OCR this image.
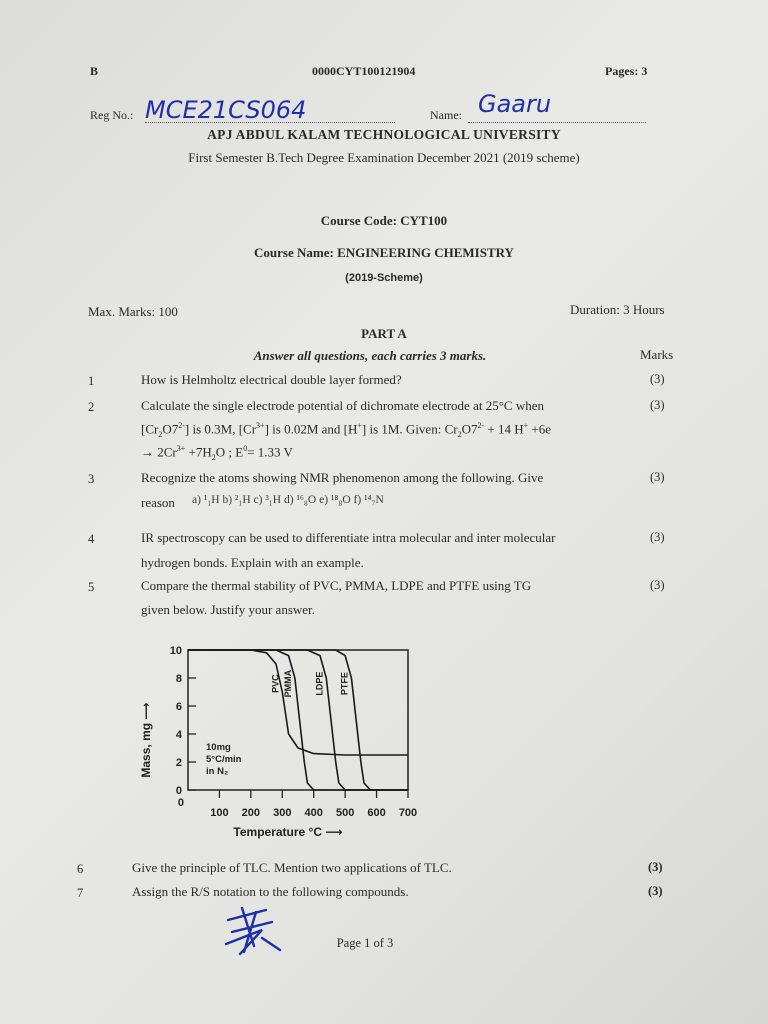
B	0000CYT100121904	Pages: 3
Reg No.: MCE21CS064	Name: Gaaru
APJ ABDUL KALAM TECHNOLOGICAL UNIVERSITY
First Semester B.Tech Degree Examination December 2021 (2019 scheme)
Course Code: CYT100
Course Name: ENGINEERING CHEMISTRY
(2019-Scheme)
Max. Marks: 100	Duration: 3 Hours
PART A
Answer all questions, each carries 3 marks.	Marks
1	How is Helmholtz electrical double layer formed?	(3)
2	Calculate the single electrode potential of dichromate electrode at 25°C when	(3)
$[Cr_2O7^{2-}]$ is 0.3M, $[Cr^{3+}]$ is 0.02M and [H+] is 1M. Given: $Cr_2O7^{2-} + 14$ H+ +6e
→ $2Cr^{3+} +7H_2O$ ; $E^0= 1.33$ V
3	Recognize the atoms showing NMR phenomenon among the following. Give	(3)
reason a) ¹₁H b) ²₁H c) ³₁H d) ¹⁶₈O e) ¹⁸₈O f) ¹⁴₇N
4	IR spectroscopy can be used to differentiate intra molecular and inter molecular	(3)
hydrogen bonds. Explain with an example.
5	Compare the thermal stability of PVC, PMMA, LDPE and PTFE using TG	(3)
given below. Justify your answer.
10
8
6
4
2
0
100 200 300 400 500 600 700
0
PVC PMMA LDPE PTFE
10mg
5°C/min
in N₂
Temperature °C ⟶
Mass, mg ⟶
6	Give the principle of TLC. Mention two applications of TLC.	(3)
7	Assign the R/S notation to the following compounds.	(3)
Page 1 of 3
